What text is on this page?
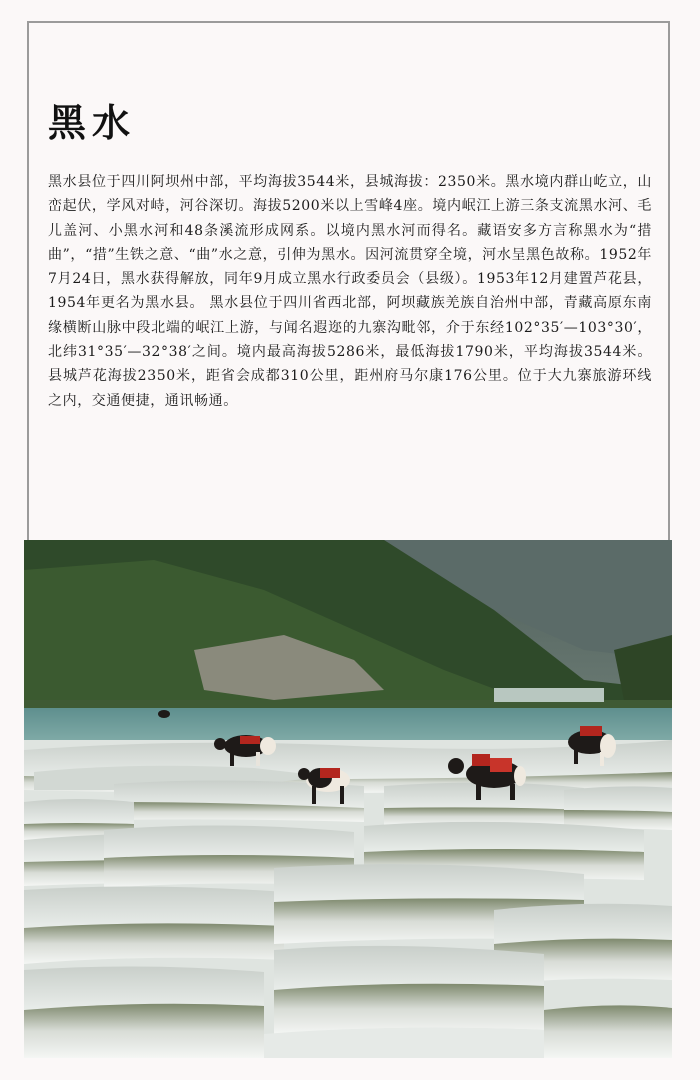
黑水

黑水县位于四川阿坝州中部，平均海拔3544米，县城海拔：2350米。黑水境内群山屹立，山峦起伏，学风对峙，河谷深切。海拔5200米以上雪峰4座。境内岷江上游三条支流黑水河、毛儿盖河、小黑水河和48条溪流形成网系。以境内黑水河而得名。藏语安多方言称黑水为“措曲”，“措”生铁之意、“曲”水之意，引伸为黑水。因河流贯穿全境，河水呈黑色故称。1952年7月24日，黑水获得解放，同年9月成立黑水行政委员会（县级）。1953年12月建置芦花县，1954年更名为黑水县。 黑水县位于四川省西北部，阿坝藏族羌族自治州中部，青藏高原东南缘横断山脉中段北端的岷江上游，与闻名遐迩的九寨沟毗邻，介于东经102°35′—103°30′，北纬31°35′—32°38′之间。境内最高海拔5286米，最低海拔1790米，平均海拔3544米。县城芦花海拔2350米，距省会成都310公里，距州府马尔康176公里。位于大九寨旅游环线之内，交通便捷，通讯畅通。
